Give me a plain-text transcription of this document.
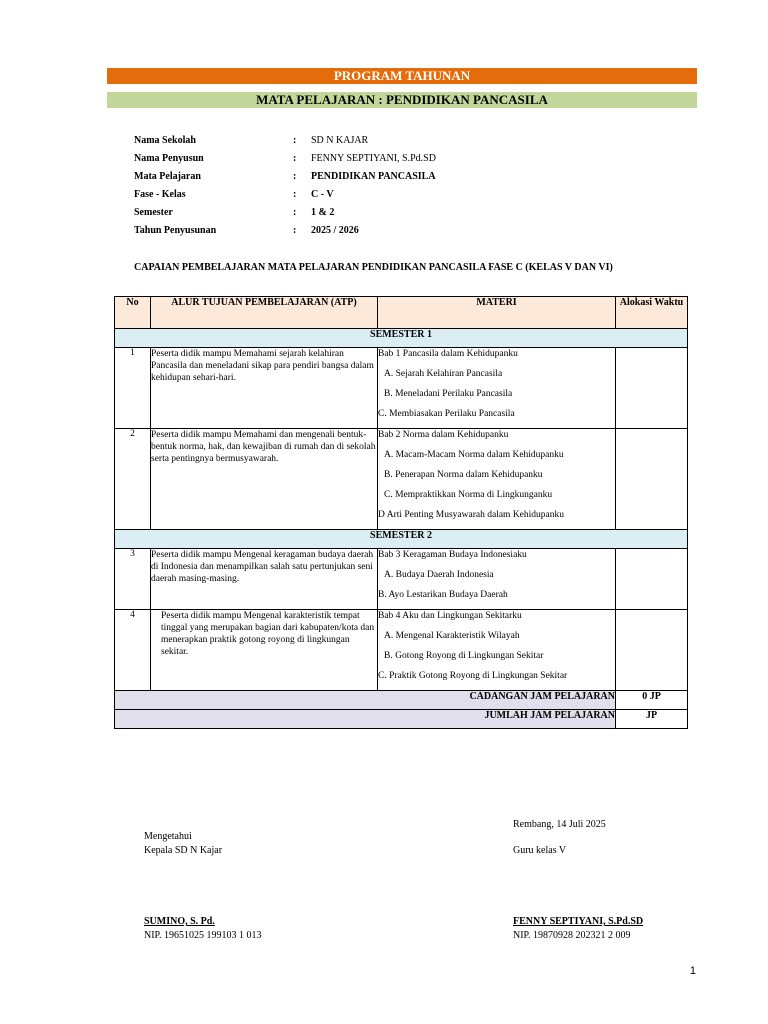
PROGRAM TAHUNAN
MATA PELAJARAN : PENDIDIKAN PANCASILA
Nama Sekolah	: SD N KAJAR
Nama Penyusun	: FENNY SEPTIYANI, S.Pd.SD
Mata Pelajaran	: PENDIDIKAN PANCASILA
Fase - Kelas	: C - V
Semester	: 1 & 2
Tahun Penyusunan	: 2025 / 2026
CAPAIAN PEMBELAJARAN MATA PELAJARAN PENDIDIKAN PANCASILA FASE C (KELAS V DAN VI)
No	ALUR TUJUAN PEMBELAJARAN (ATP)	MATERI	Alokasi Waktu
SEMESTER 1			
1	Peserta didik mampu Memahami sejarah kelahiran Pancasila dan meneladani sikap para pendiri bangsa dalam kehidupan sehari-hari.	Bab 1 Pancasila dalam Kehidupanku
A. Sejarah Kelahiran Pancasila
B. Meneladani Perilaku Pancasila
C. Membiasakan Perilaku Pancasila	

2	Peserta didik mampu Memahami dan mengenali bentuk-bentuk norma, hak, dan kewajiban di rumah dan di sekolah serta pentingnya bermusyawarah.	Bab 2 Norma dalam Kehidupanku
A. Macam-Macam Norma dalam Kehidupanku
B. Penerapan Norma dalam Kehidupanku
C. Mempraktikkan Norma di Lingkunganku
D Arti Penting Musyawarah dalam Kehidupanku	

SEMESTER 2			
3	Peserta didik mampu Mengenal keragaman budaya daerah di Indonesia dan menampilkan salah satu pertunjukan seni daerah masing-masing.	Bab 3 Keragaman Budaya Indonesiaku
A. Budaya Daerah Indonesia
B. Ayo Lestarikan Budaya Daerah	

4	Peserta didik mampu Mengenal karakteristik tempat tinggal yang merupakan bagian dari kabupaten/kota dan menerapkan praktik gotong royong di lingkungan sekitar.	Bab 4 Aku dan Lingkungan Sekitarku
A. Mengenal Karakteristik Wilayah
B. Gotong Royong di Lingkungan Sekitar
C. Praktik Gotong Royong di Lingkungan Sekitar	

CADANGAN JAM PELAJARAN			0 JP
JUMLAH JAM PELAJARAN			JP
Rembang, 14 Juli 2025
Mengetahui
Kepala SD N Kajar	Guru kelas V
SUMINO, S. Pd.
NIP. 19651025 199103 1 013
FENNY SEPTIYANI, S.Pd.SD
NIP. 19870928 202321 2 009
1
